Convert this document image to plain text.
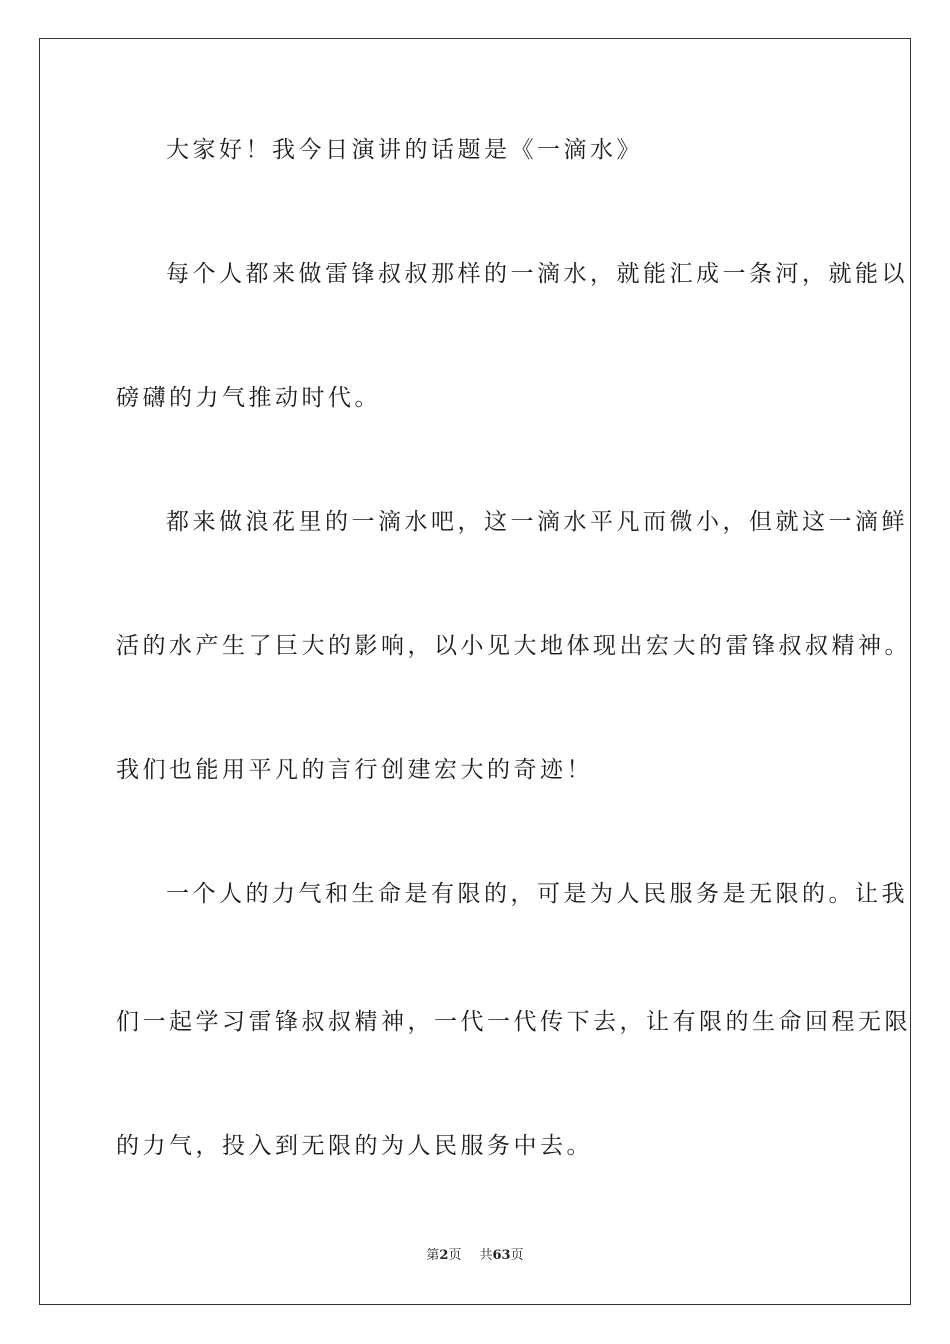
大家好！我今日演讲的话题是《一滴水》
每个人都来做雷锋叔叔那样的一滴水，就能汇成一条河，就能以
磅礴的力气推动时代。
都来做浪花里的一滴水吧，这一滴水平凡而微小，但就这一滴鲜
活的水产生了巨大的影响，以小见大地体现出宏大的雷锋叔叔精神。
我们也能用平凡的言行创建宏大的奇迹！
一个人的力气和生命是有限的，可是为人民服务是无限的。让我
们一起学习雷锋叔叔精神，一代一代传下去，让有限的生命回程无限
的力气，投入到无限的为人民服务中去。
第2页 共63页
